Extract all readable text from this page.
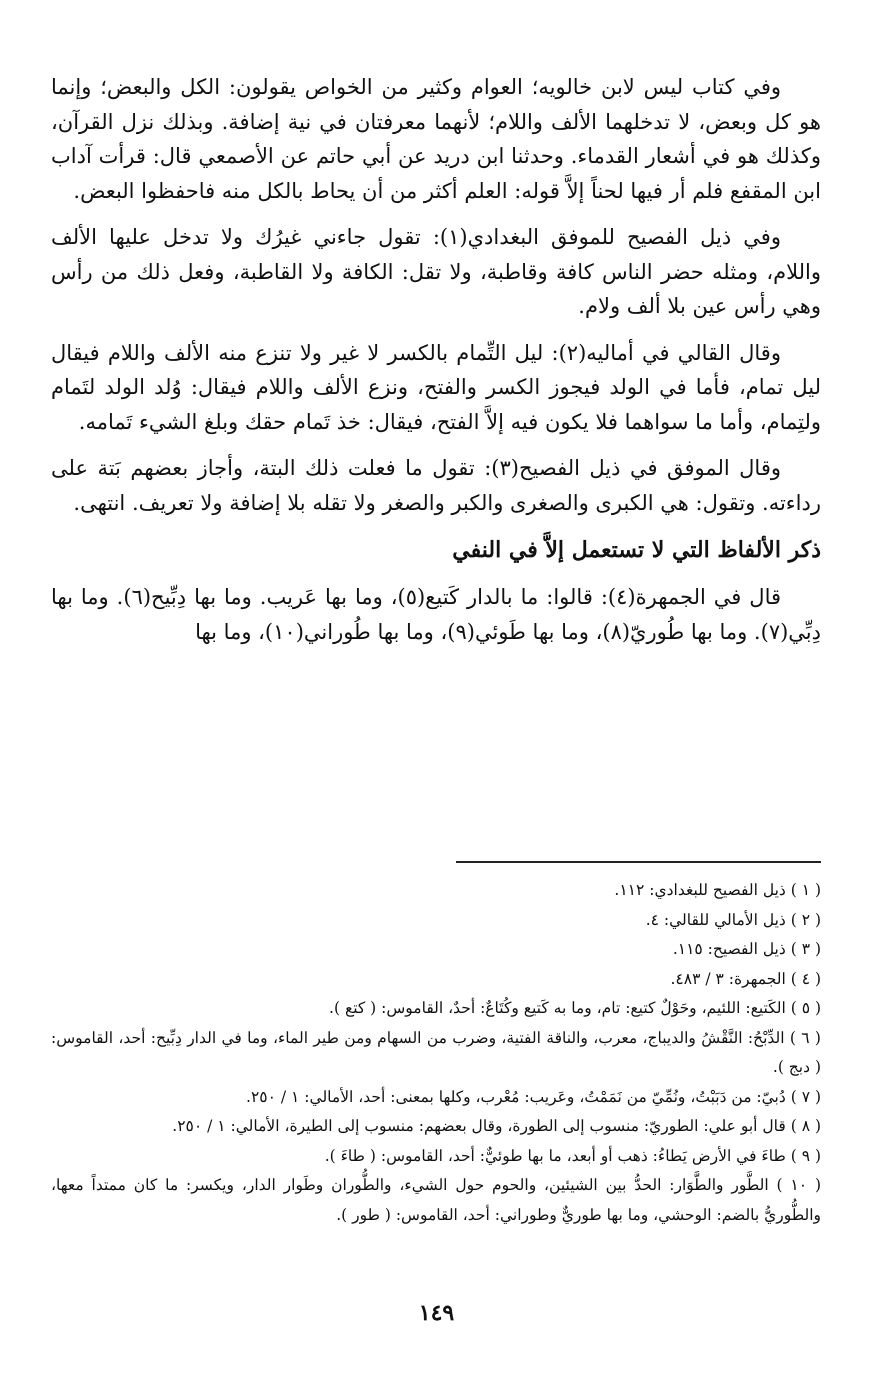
وفي كتاب ليس لابن خالويه؛ العوام وكثير من الخواص يقولون: الكل والبعض؛ وإنما هو كل وبعض، لا تدخلهما الألف واللام؛ لأنهما معرفتان في نية إضافة. وبذلك نزل القرآن، وكذلك هو في أشعار القدماء. وحدثنا ابن دريد عن أبي حاتم عن الأصمعي قال: قرأت آداب ابن المقفع فلم أر فيها لحناً إلاَّ قوله: العلم أكثر من أن يحاط بالكل منه فاحفظوا البعض.

وفي ذيل الفصيح للموفق البغدادي(١): تقول جاءني غيرُك ولا تدخل عليها الألف واللام، ومثله حضر الناس كافة وقاطبة، ولا تقل: الكافة ولا القاطبة، وفعل ذلك من رأس وهي رأس عين بلا ألف ولام.

وقال القالي في أماليه(٢): ليل التِّمام بالكسر لا غير ولا تنزع منه الألف واللام فيقال ليل تمام، فأما في الولد فيجوز الكسر والفتح، ونزع الألف واللام فيقال: وُلد الولد لتَمام ولتِمام، وأما ما سواهما فلا يكون فيه إلاَّ الفتح، فيقال: خذ تَمام حقك وبلغ الشيء تَمامه.

وقال الموفق في ذيل الفصيح(٣): تقول ما فعلت ذلك البتة، وأجاز بعضهم بَتة على رداءته. وتقول: هي الكبرى والصغرى والكبر والصغر ولا تقله بلا إضافة ولا تعريف. انتهى.

ذكر الألفاظ التي لا تستعمل إلاَّ في النفي

قال في الجمهرة(٤): قالوا: ما بالدار كَتيع(٥)، وما بها عَريب. وما بها دِبِّيح(٦). وما بها دِبِّي(٧). وما بها طُوريّ(٨)، وما بها طَوئي(٩)، وما بها طُوراني(١٠)، وما بها

( ١ ) ذيل الفصيح للبغدادي: ١١٢.
( ٢ ) ذيل الأمالي للقالي: ٤.
( ٣ ) ذيل الفصيح: ١١٥.
( ٤ ) الجمهرة: ٣ / ٤٨٣.
( ٥ ) الكَتيع: اللئيم، وحَوْلٌ كتيع: تام، وما به كَتيع وكُتَاعٌ: أحدٌ، القاموس: ( كتع ).
( ٦ ) الدِّبْحُ: النَّقْشُ والديباج، معرب، والناقة الفتية، وضرب من السهام ومن طير الماء، وما في الدار دِبِّيح: أحد، القاموس: ( دبج ).
( ٧ ) دُبيّ: من دَبَبْتُ، ونُمِّيّ من نَمَمْتُ، وعَريب: مُعْرب، وكلها بمعنى: أحد، الأمالي: ١ / ٢٥٠.
( ٨ ) قال أبو علي: الطوريّ: منسوب إلى الطورة، وقال بعضهم: منسوب إلى الطيرة، الأمالي: ١ / ٢٥٠.
( ٩ ) طاءَ في الأرض يَطاءُ: ذهب أو أبعد، ما بها طوئيٌّ: أحد، القاموس: ( طاءَ ).
( ١٠ ) الطَّور والطَّوَار: الحدُّ بين الشيئين، والحوم حول الشيء، والطُّوران وطَوار الدار، ويكسر: ما كان ممتداً معها، والطُّوريُّ بالضم: الوحشي، وما بها طوريٌّ وطوراني: أحد، القاموس: ( طور ).
١٤٩
